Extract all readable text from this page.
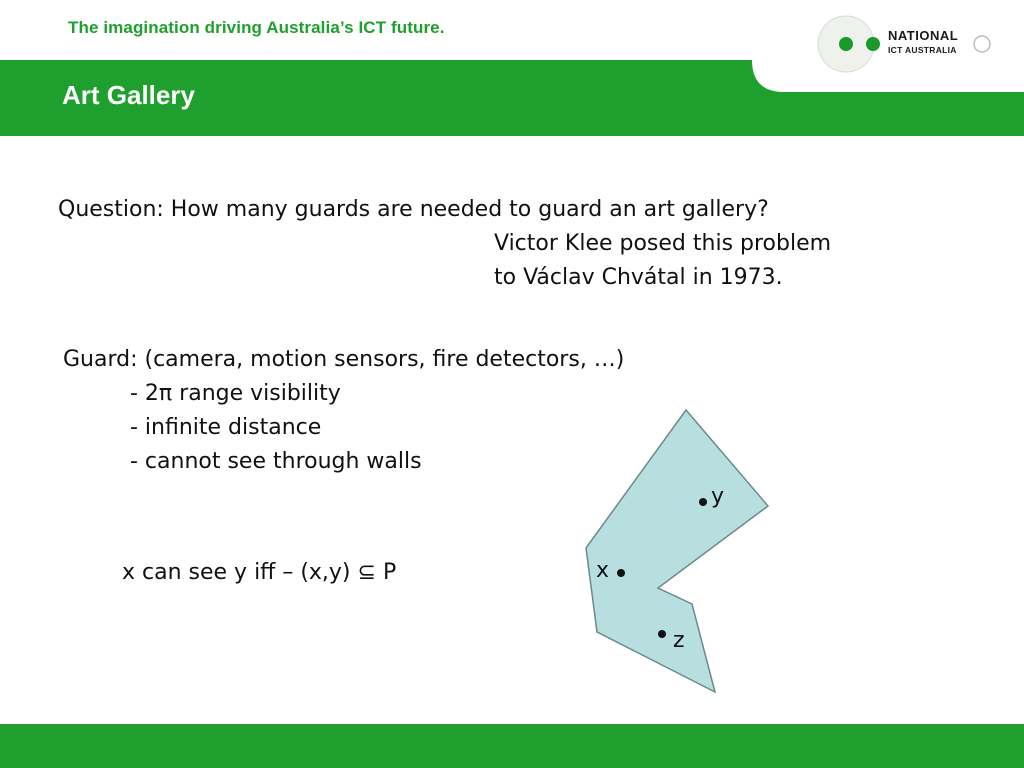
The imagination driving Australia’s ICT future.	NATIONAL
ICT AUSTRALIA
Art Gallery
Question: How many guards are needed to guard an art gallery?
Victor Klee posed this problem
to Václav Chvátal in 1973.
Guard: (camera, motion sensors, fire detectors, …)
- 2π range visibility
- infinite distance
- cannot see through walls
x can see y iff – (x,y) ⊆ P
y
x
z
